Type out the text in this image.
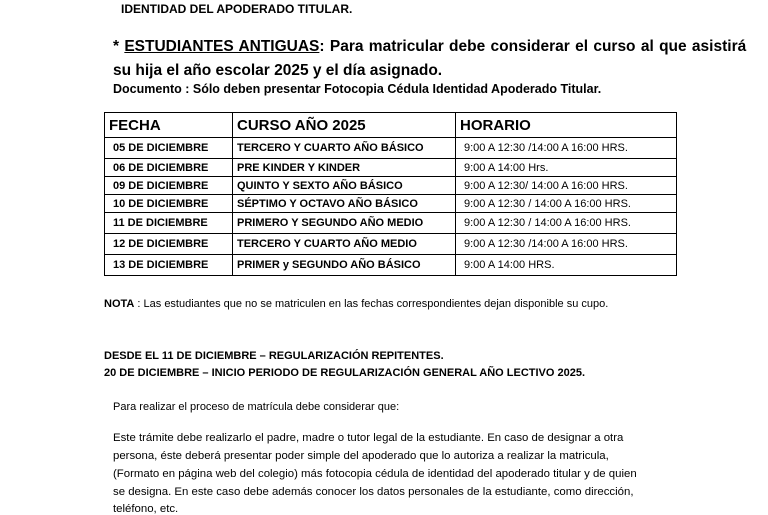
IDENTIDAD DEL APODERADO TITULAR.
* ESTUDIANTES ANTIGUAS: Para matricular debe considerar el curso al que asistirá
su hija el año escolar 2025 y el día asignado.
Documento : Sólo deben presentar Fotocopia Cédula Identidad Apoderado Titular.
FECHA	CURSO AÑO 2025	HORARIO
05 DE DICIEMBRE	TERCERO Y CUARTO AÑO BÁSICO	9:00 A 12:30 /14:00 A 16:00 HRS.
06 DE DICIEMBRE	PRE KINDER Y KINDER	9:00 A 14:00 Hrs.
09 DE DICIEMBRE	QUINTO Y SEXTO AÑO BÁSICO	9:00 A 12:30/ 14:00 A 16:00 HRS.
10 DE DICIEMBRE	SÉPTIMO Y OCTAVO AÑO BÁSICO	9:00 A 12:30 / 14:00 A 16:00 HRS.
11 DE DICIEMBRE	PRIMERO Y SEGUNDO AÑO MEDIO	9:00 A 12:30 / 14:00 A 16:00 HRS.
12 DE DICIEMBRE	TERCERO Y CUARTO AÑO MEDIO	9:00 A 12:30 /14:00 A 16:00 HRS.
13 DE DICIEMBRE	PRIMER y SEGUNDO AÑO BÁSICO	9:00 A 14:00 HRS.
NOTA : Las estudiantes que no se matriculen en las fechas correspondientes dejan disponible su cupo.
DESDE EL 11 DE DICIEMBRE – REGULARIZACIÓN REPITENTES.
20 DE DICIEMBRE – INICIO PERIODO DE REGULARIZACIÓN GENERAL AÑO LECTIVO 2025.
Para realizar el proceso de matrícula debe considerar que:
Este trámite debe realizarlo el padre, madre o tutor legal de la estudiante. En caso de designar a otra
persona, éste deberá presentar poder simple del apoderado que lo autoriza a realizar la matricula,
(Formato en página web del colegio) más fotocopia cédula de identidad del apoderado titular y de quien
se designa. En este caso debe además conocer los datos personales de la estudiante, como dirección,
teléfono, etc.
